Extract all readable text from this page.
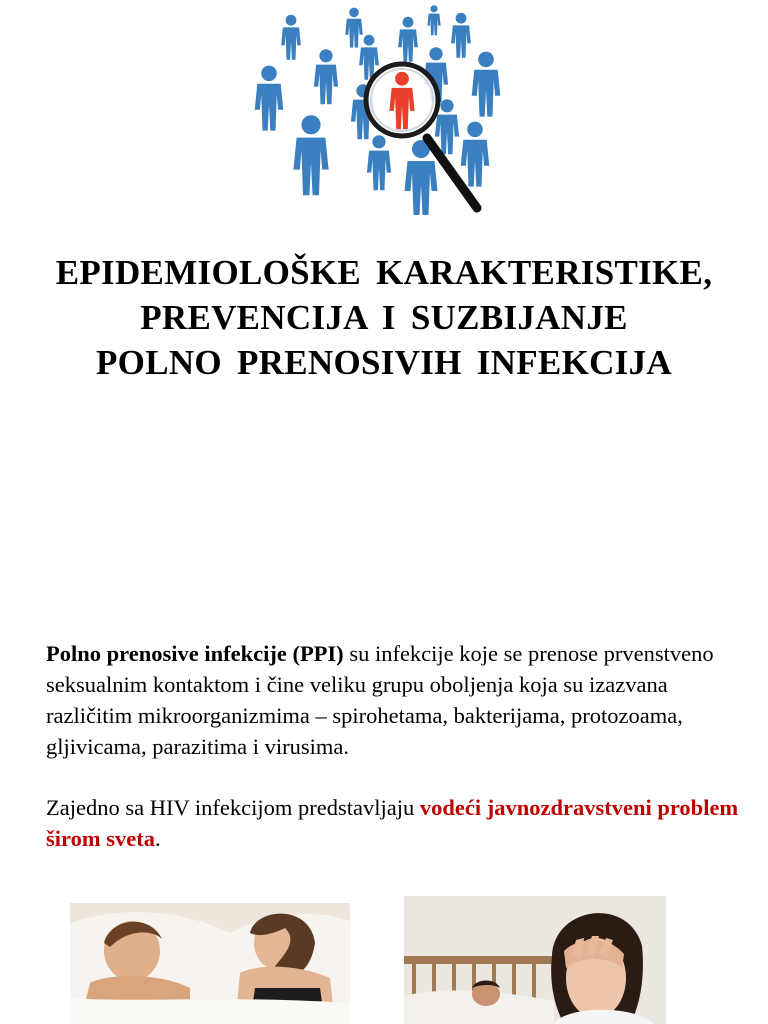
EPIDEMIOLOŠKE KARAKTERISTIKE,
PREVENCIJA I SUZBIJANJE
POLNO PRENOSIVIH INFEKCIJA
Polno prenosive infekcije (PPI) su infekcije koje se prenose prvenstveno seksualnim kontaktom i čine veliku grupu oboljenja koja su izazvana različitim mikroorganizmima – spirohetama, bakterijama, protozoama, gljivicama, parazitima i virusima.
Zajedno sa HIV infekcijom predstavljaju vodeći javnozdravstveni problem širom sveta.
